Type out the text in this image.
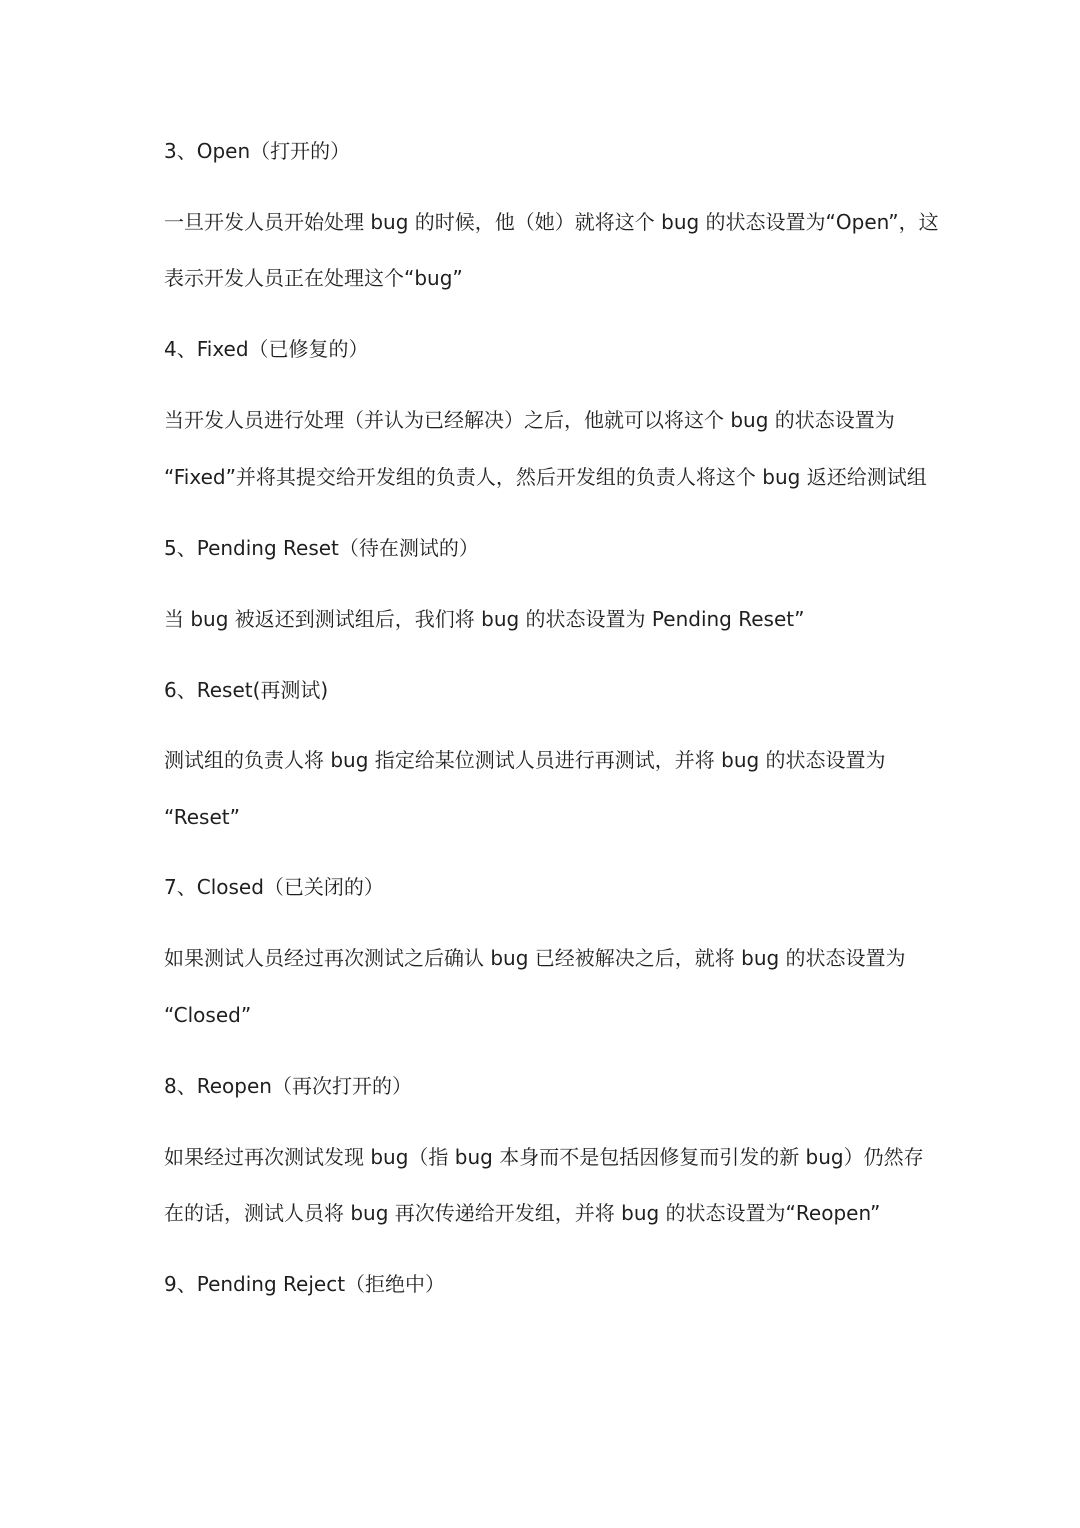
3、Open（打开的）
一旦开发人员开始处理 bug 的时候，他（她）就将这个 bug 的状态设置为“Open”，这
表示开发人员正在处理这个“bug”
4、Fixed（已修复的）
当开发人员进行处理（并认为已经解决）之后，他就可以将这个 bug 的状态设置为
“Fixed”并将其提交给开发组的负责人，然后开发组的负责人将这个 bug 返还给测试组
5、Pending Reset（待在测试的）
当 bug 被返还到测试组后，我们将 bug 的状态设置为 Pending Reset”
6、Reset(再测试)
测试组的负责人将 bug 指定给某位测试人员进行再测试，并将 bug 的状态设置为
“Reset”
7、Closed（已关闭的）
如果测试人员经过再次测试之后确认 bug 已经被解决之后，就将 bug 的状态设置为
“Closed”
8、Reopen（再次打开的）
如果经过再次测试发现 bug（指 bug 本身而不是包括因修复而引发的新 bug）仍然存
在的话，测试人员将 bug 再次传递给开发组，并将 bug 的状态设置为“Reopen”
9、Pending Reject（拒绝中）
